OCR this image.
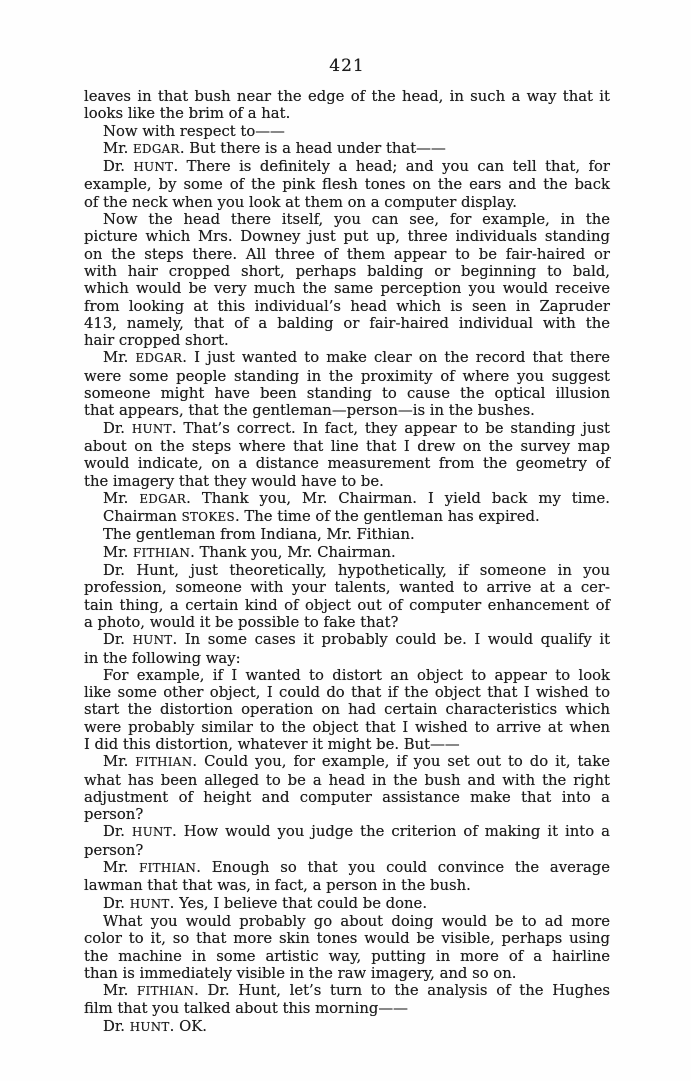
421
leaves in that bush near the edge of the head, in such a way that it
looks like the brim of a hat.
Now with respect to——
Mr. EDGAR. But there is a head under that——
Dr. HUNT. There is definitely a head; and you can tell that, for
example, by some of the pink flesh tones on the ears and the back
of the neck when you look at them on a computer display.
Now the head there itself, you can see, for example, in the
picture which Mrs. Downey just put up, three individuals standing
on the steps there. All three of them appear to be fair-haired or
with hair cropped short, perhaps balding or beginning to bald,
which would be very much the same perception you would receive
from looking at this individual’s head which is seen in Zapruder
413, namely, that of a balding or fair-haired individual with the
hair cropped short.
Mr. EDGAR. I just wanted to make clear on the record that there
were some people standing in the proximity of where you suggest
someone might have been standing to cause the optical illusion
that appears, that the gentleman—person—is in the bushes.
Dr. HUNT. That’s correct. In fact, they appear to be standing just
about on the steps where that line that I drew on the survey map
would indicate, on a distance measurement from the geometry of
the imagery that they would have to be.
Mr. EDGAR. Thank you, Mr. Chairman. I yield back my time.
Chairman STOKES. The time of the gentleman has expired.
The gentleman from Indiana, Mr. Fithian.
Mr. FITHIAN. Thank you, Mr. Chairman.
Dr. Hunt, just theoretically, hypothetically, if someone in you
profession, someone with your talents, wanted to arrive at a cer-
tain thing, a certain kind of object out of computer enhancement of
a photo, would it be possible to fake that?
Dr. HUNT. In some cases it probably could be. I would qualify it
in the following way:
For example, if I wanted to distort an object to appear to look
like some other object, I could do that if the object that I wished to
start the distortion operation on had certain characteristics which
were probably similar to the object that I wished to arrive at when
I did this distortion, whatever it might be. But——
Mr. FITHIAN. Could you, for example, if you set out to do it, take
what has been alleged to be a head in the bush and with the right
adjustment of height and computer assistance make that into a
person?
Dr. HUNT. How would you judge the criterion of making it into a
person?
Mr. FITHIAN. Enough so that you could convince the average
lawman that that was, in fact, a person in the bush.
Dr. HUNT. Yes, I believe that could be done.
What you would probably go about doing would be to ad more
color to it, so that more skin tones would be visible, perhaps using
the machine in some artistic way, putting in more of a hairline
than is immediately visible in the raw imagery, and so on.
Mr. FITHIAN. Dr. Hunt, let’s turn to the analysis of the Hughes
film that you talked about this morning——
Dr. HUNT. OK.
